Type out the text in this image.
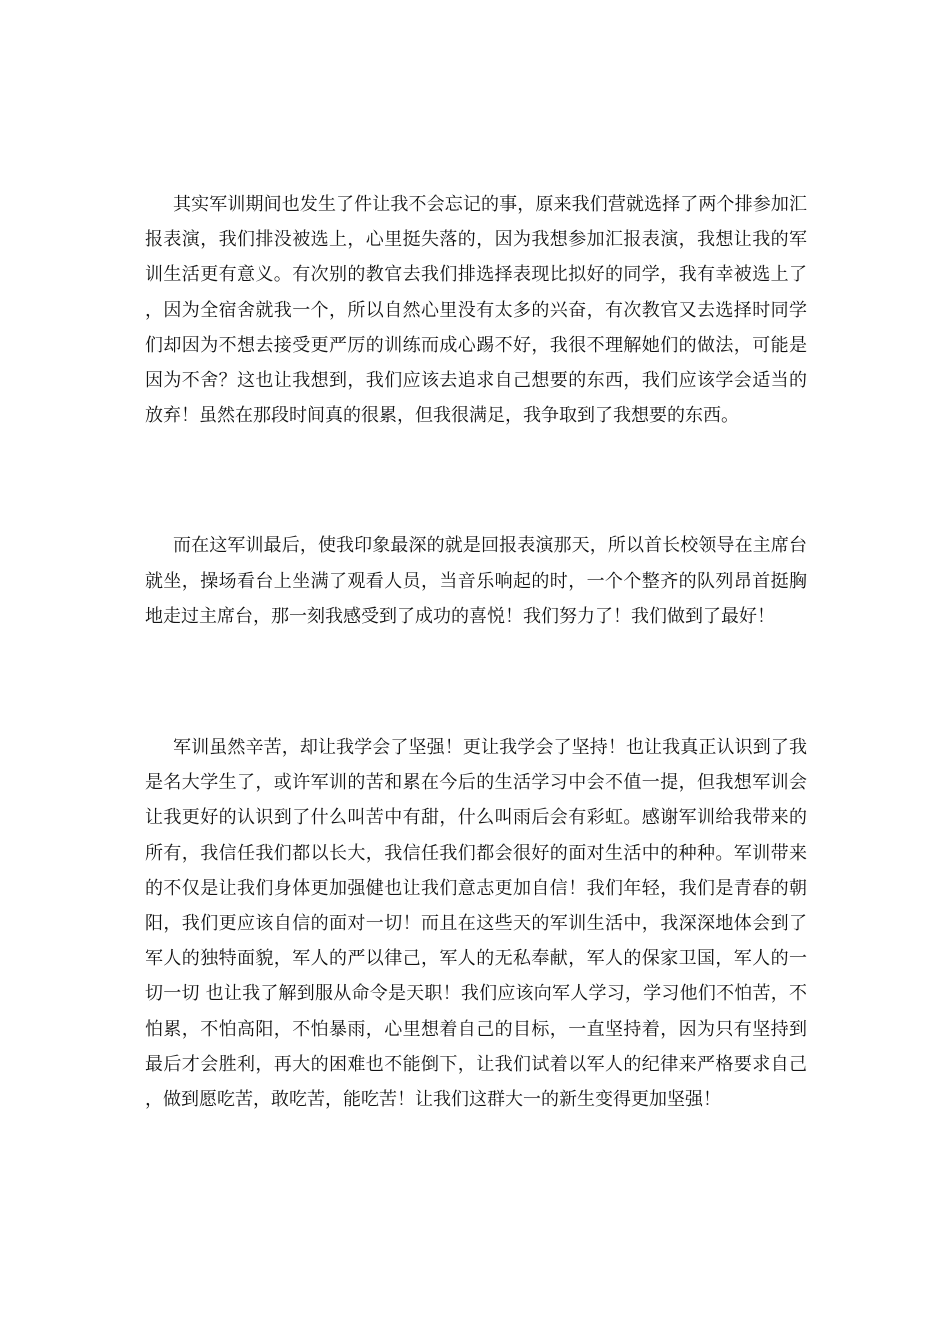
其实军训期间也发生了件让我不会忘记的事，原来我们营就选择了两个排参加汇报表演，我们排没被选上，心里挺失落的，因为我想参加汇报表演，我想让我的军训生活更有意义。有次别的教官去我们排选择表现比拟好的同学，我有幸被选上了，因为全宿舍就我一个，所以自然心里没有太多的兴奋，有次教官又去选择时同学们却因为不想去接受更严厉的训练而成心踢不好，我很不理解她们的做法，可能是因为不舍？这也让我想到，我们应该去追求自己想要的东西，我们应该学会适当的放弃！虽然在那段时间真的很累，但我很满足，我争取到了我想要的东西。

而在这军训最后，使我印象最深的就是回报表演那天，所以首长校领导在主席台就坐，操场看台上坐满了观看人员，当音乐响起的时，一个个整齐的队列昂首挺胸地走过主席台，那一刻我感受到了成功的喜悦！我们努力了！我们做到了最好！

军训虽然辛苦，却让我学会了坚强！更让我学会了坚持！也让我真正认识到了我是名大学生了，或许军训的苦和累在今后的生活学习中会不值一提，但我想军训会让我更好的认识到了什么叫苦中有甜，什么叫雨后会有彩虹。感谢军训给我带来的所有，我信任我们都以长大，我信任我们都会很好的面对生活中的种种。军训带来的不仅是让我们身体更加强健也让我们意志更加自信！我们年轻，我们是青春的朝阳，我们更应该自信的面对一切！而且在这些天的军训生活中，我深深地体会到了军人的独特面貌，军人的严以律己，军人的无私奉献，军人的保家卫国，军人的一切一切 也让我了解到服从命令是天职！我们应该向军人学习，学习他们不怕苦，不怕累，不怕高阳，不怕暴雨，心里想着自己的目标，一直坚持着，因为只有坚持到最后才会胜利，再大的困难也不能倒下，让我们试着以军人的纪律来严格要求自己，做到愿吃苦，敢吃苦，能吃苦！让我们这群大一的新生变得更加坚强！
